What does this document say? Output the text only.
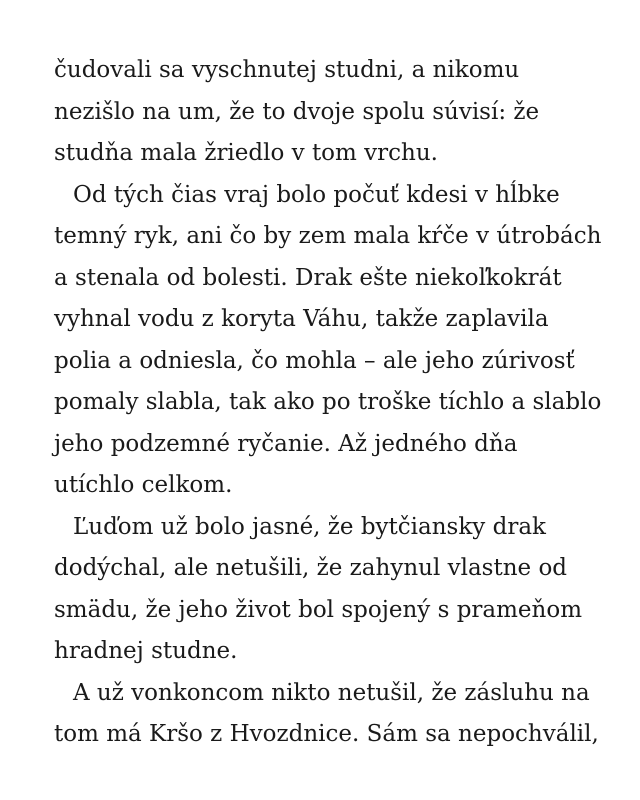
čudovali sa vyschnutej studni, a nikomu
nezišlo na um, že to dvoje spolu súvisí: že
studňa mala žriedlo v tom vrchu.
Od tých čias vraj bolo počuť kdesi v hĺbke
temný ryk, ani čo by zem mala kŕče v útrobách
a stenala od bolesti. Drak ešte niekoľkokrát
vyhnal vodu z koryta Váhu, takže zaplavila
polia a odniesla, čo mohla – ale jeho zúrivosť
pomaly slabla, tak ako po troške tíchlo a slablo
jeho podzemné ryčanie. Až jedného dňa
utíchlo celkom.
Ľuďom už bolo jasné, že bytčiansky drak
dodýchal, ale netušili, že zahynul vlastne od
smädu, že jeho život bol spojený s prameňom
hradnej studne.
A už vonkoncom nikto netušil, že zásluhu na
tom má Kršo z Hvozdnice. Sám sa nepochválil,
